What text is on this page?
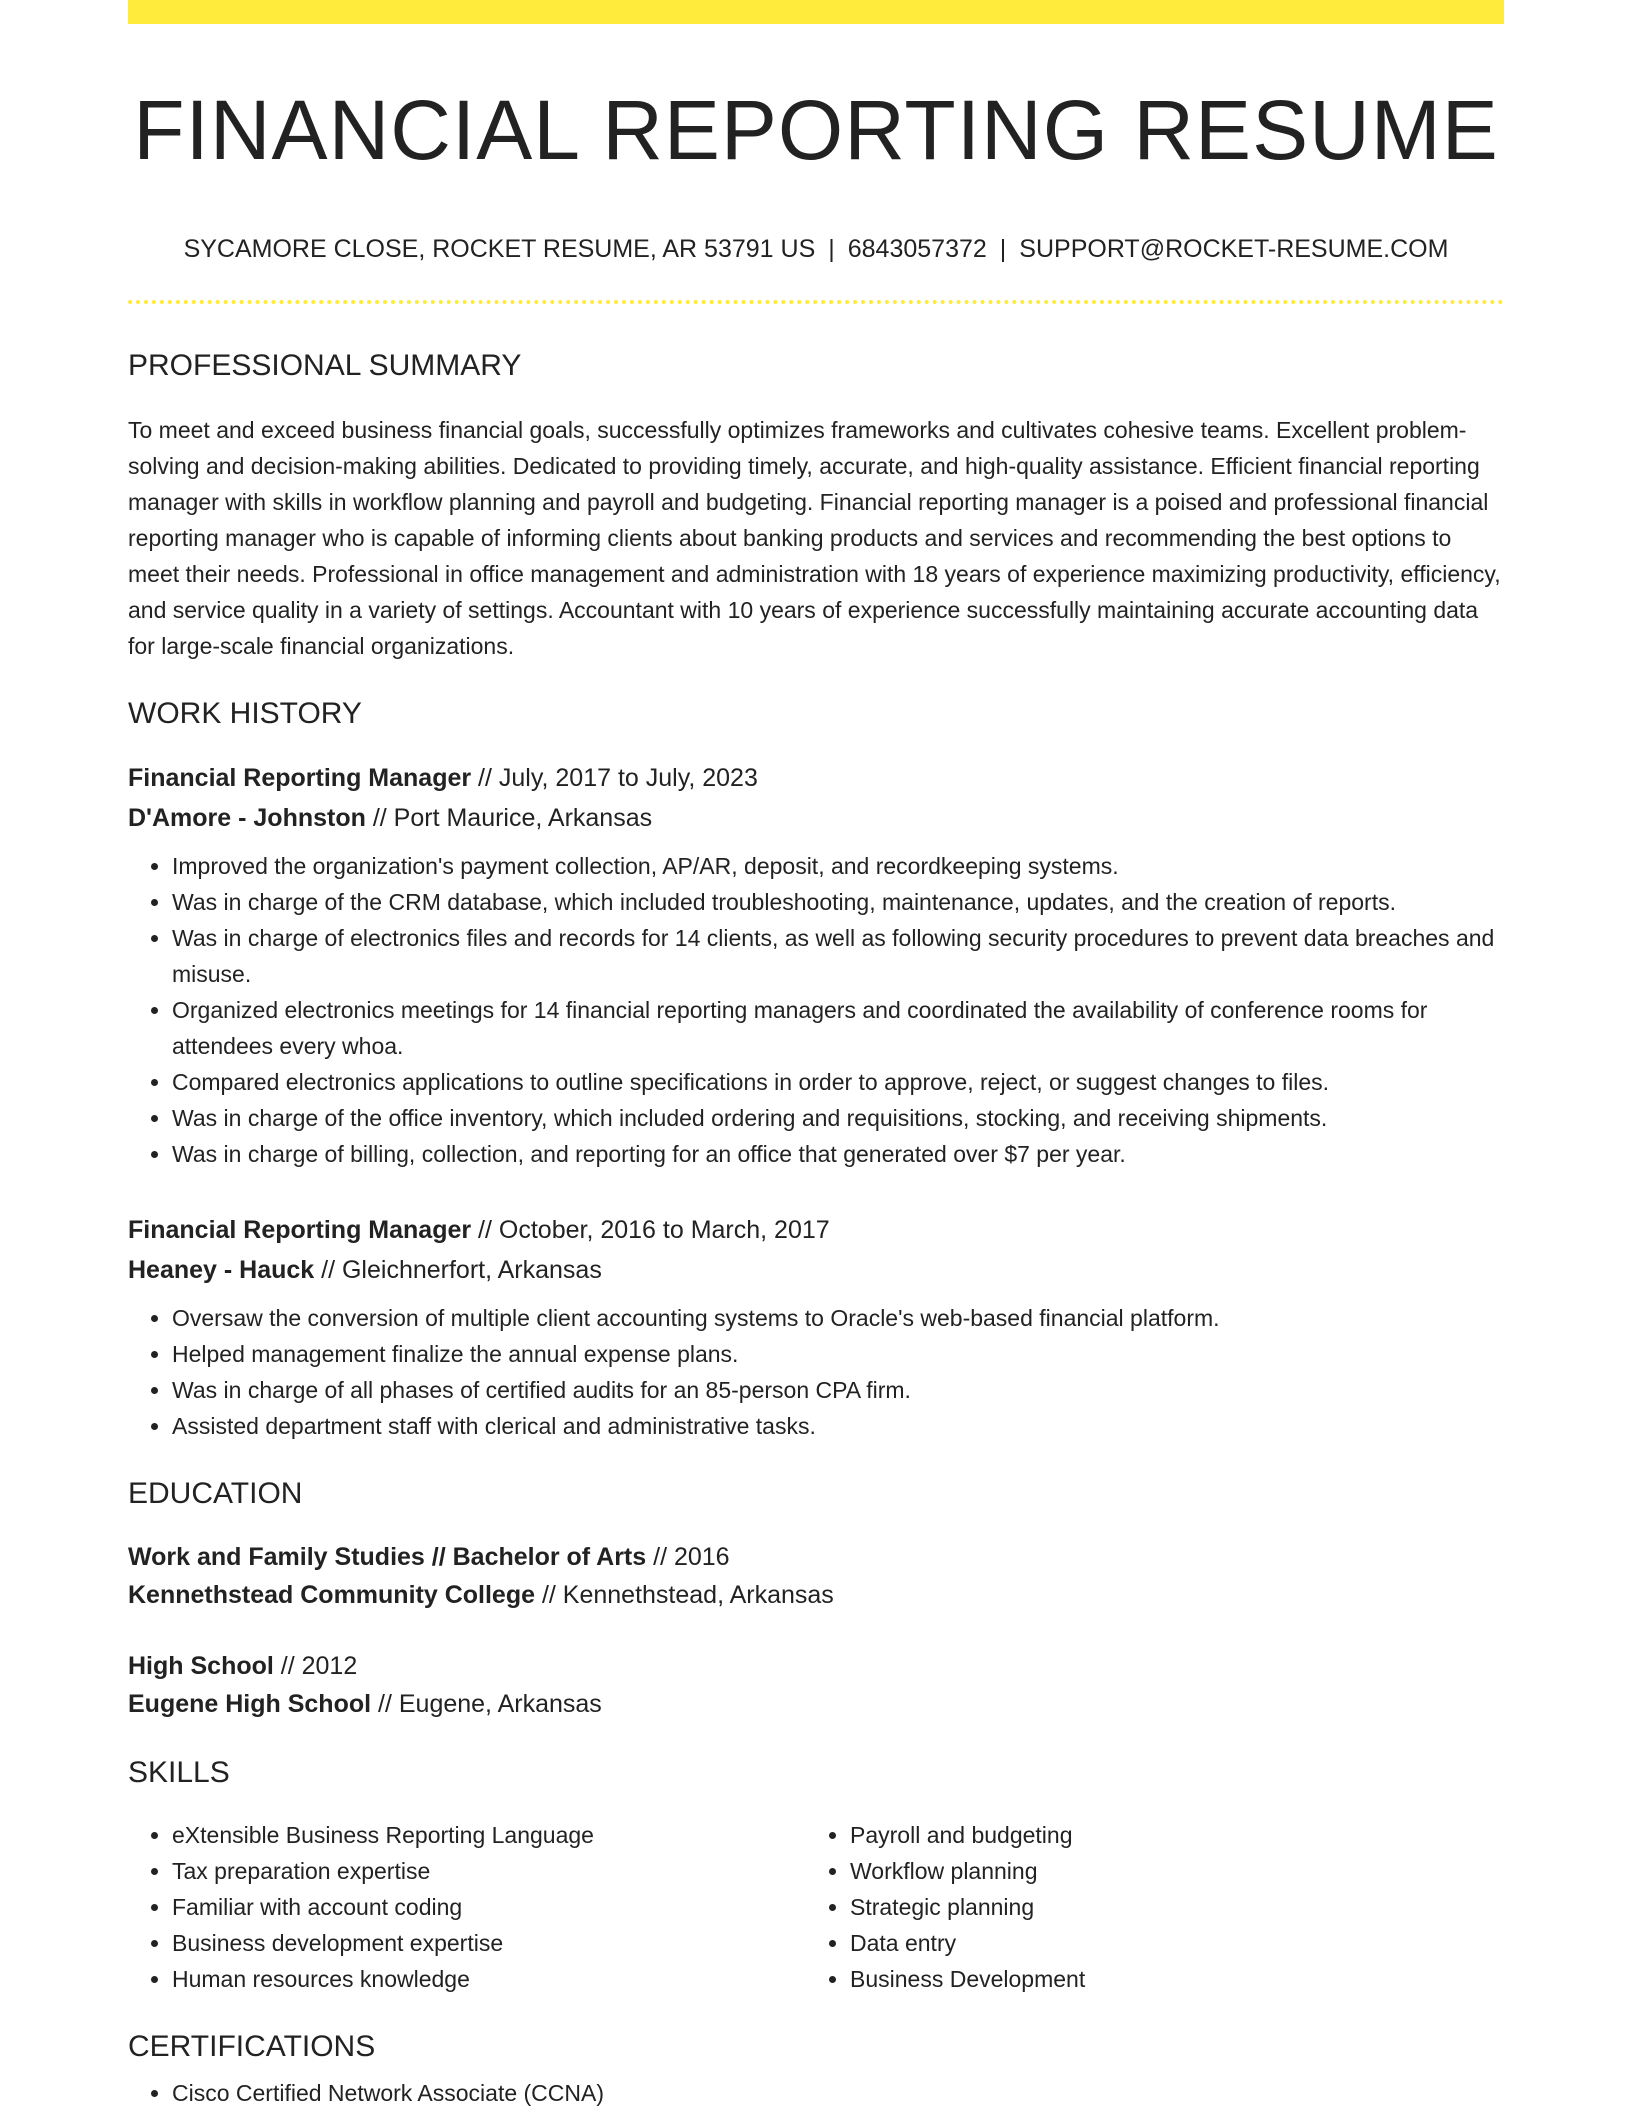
FINANCIAL REPORTING RESUME
SYCAMORE CLOSE, ROCKET RESUME, AR 53791 US | 6843057372 | SUPPORT@ROCKET-RESUME.COM
PROFESSIONAL SUMMARY

To meet and exceed business financial goals, successfully optimizes frameworks and cultivates cohesive teams. Excellent problem-solving and decision-making abilities. Dedicated to providing timely, accurate, and high-quality assistance. Efficient financial reporting manager with skills in workflow planning and payroll and budgeting. Financial reporting manager is a poised and professional financial reporting manager who is capable of informing clients about banking products and services and recommending the best options to meet their needs. Professional in office management and administration with 18 years of experience maximizing productivity, efficiency, and service quality in a variety of settings. Accountant with 10 years of experience successfully maintaining accurate accounting data for large-scale financial organizations.

WORK HISTORY
Financial Reporting Manager // July, 2017 to July, 2023
D'Amore - Johnston // Port Maurice, Arkansas
• Improved the organization's payment collection, AP/AR, deposit, and recordkeeping systems.
• Was in charge of the CRM database, which included troubleshooting, maintenance, updates, and the creation of reports.
• Was in charge of electronics files and records for 14 clients, as well as following security procedures to prevent data breaches and misuse.
• Organized electronics meetings for 14 financial reporting managers and coordinated the availability of conference rooms for attendees every whoa.
• Compared electronics applications to outline specifications in order to approve, reject, or suggest changes to files.
• Was in charge of the office inventory, which included ordering and requisitions, stocking, and receiving shipments.
• Was in charge of billing, collection, and reporting for an office that generated over $7 per year.
Financial Reporting Manager // October, 2016 to March, 2017
Heaney - Hauck // Gleichnerfort, Arkansas
• Oversaw the conversion of multiple client accounting systems to Oracle's web-based financial platform.
• Helped management finalize the annual expense plans.
• Was in charge of all phases of certified audits for an 85-person CPA firm.
• Assisted department staff with clerical and administrative tasks.
EDUCATION
Work and Family Studies // Bachelor of Arts // 2016
Kennethstead Community College // Kennethstead, Arkansas
High School // 2012
Eugene High School // Eugene, Arkansas
SKILLS
• eXtensible Business Reporting Language
• Tax preparation expertise
• Familiar with account coding
• Business development expertise
• Human resources knowledge
• Payroll and budgeting
• Workflow planning
• Strategic planning
• Data entry
• Business Development
CERTIFICATIONS
• Cisco Certified Network Associate (CCNA)
